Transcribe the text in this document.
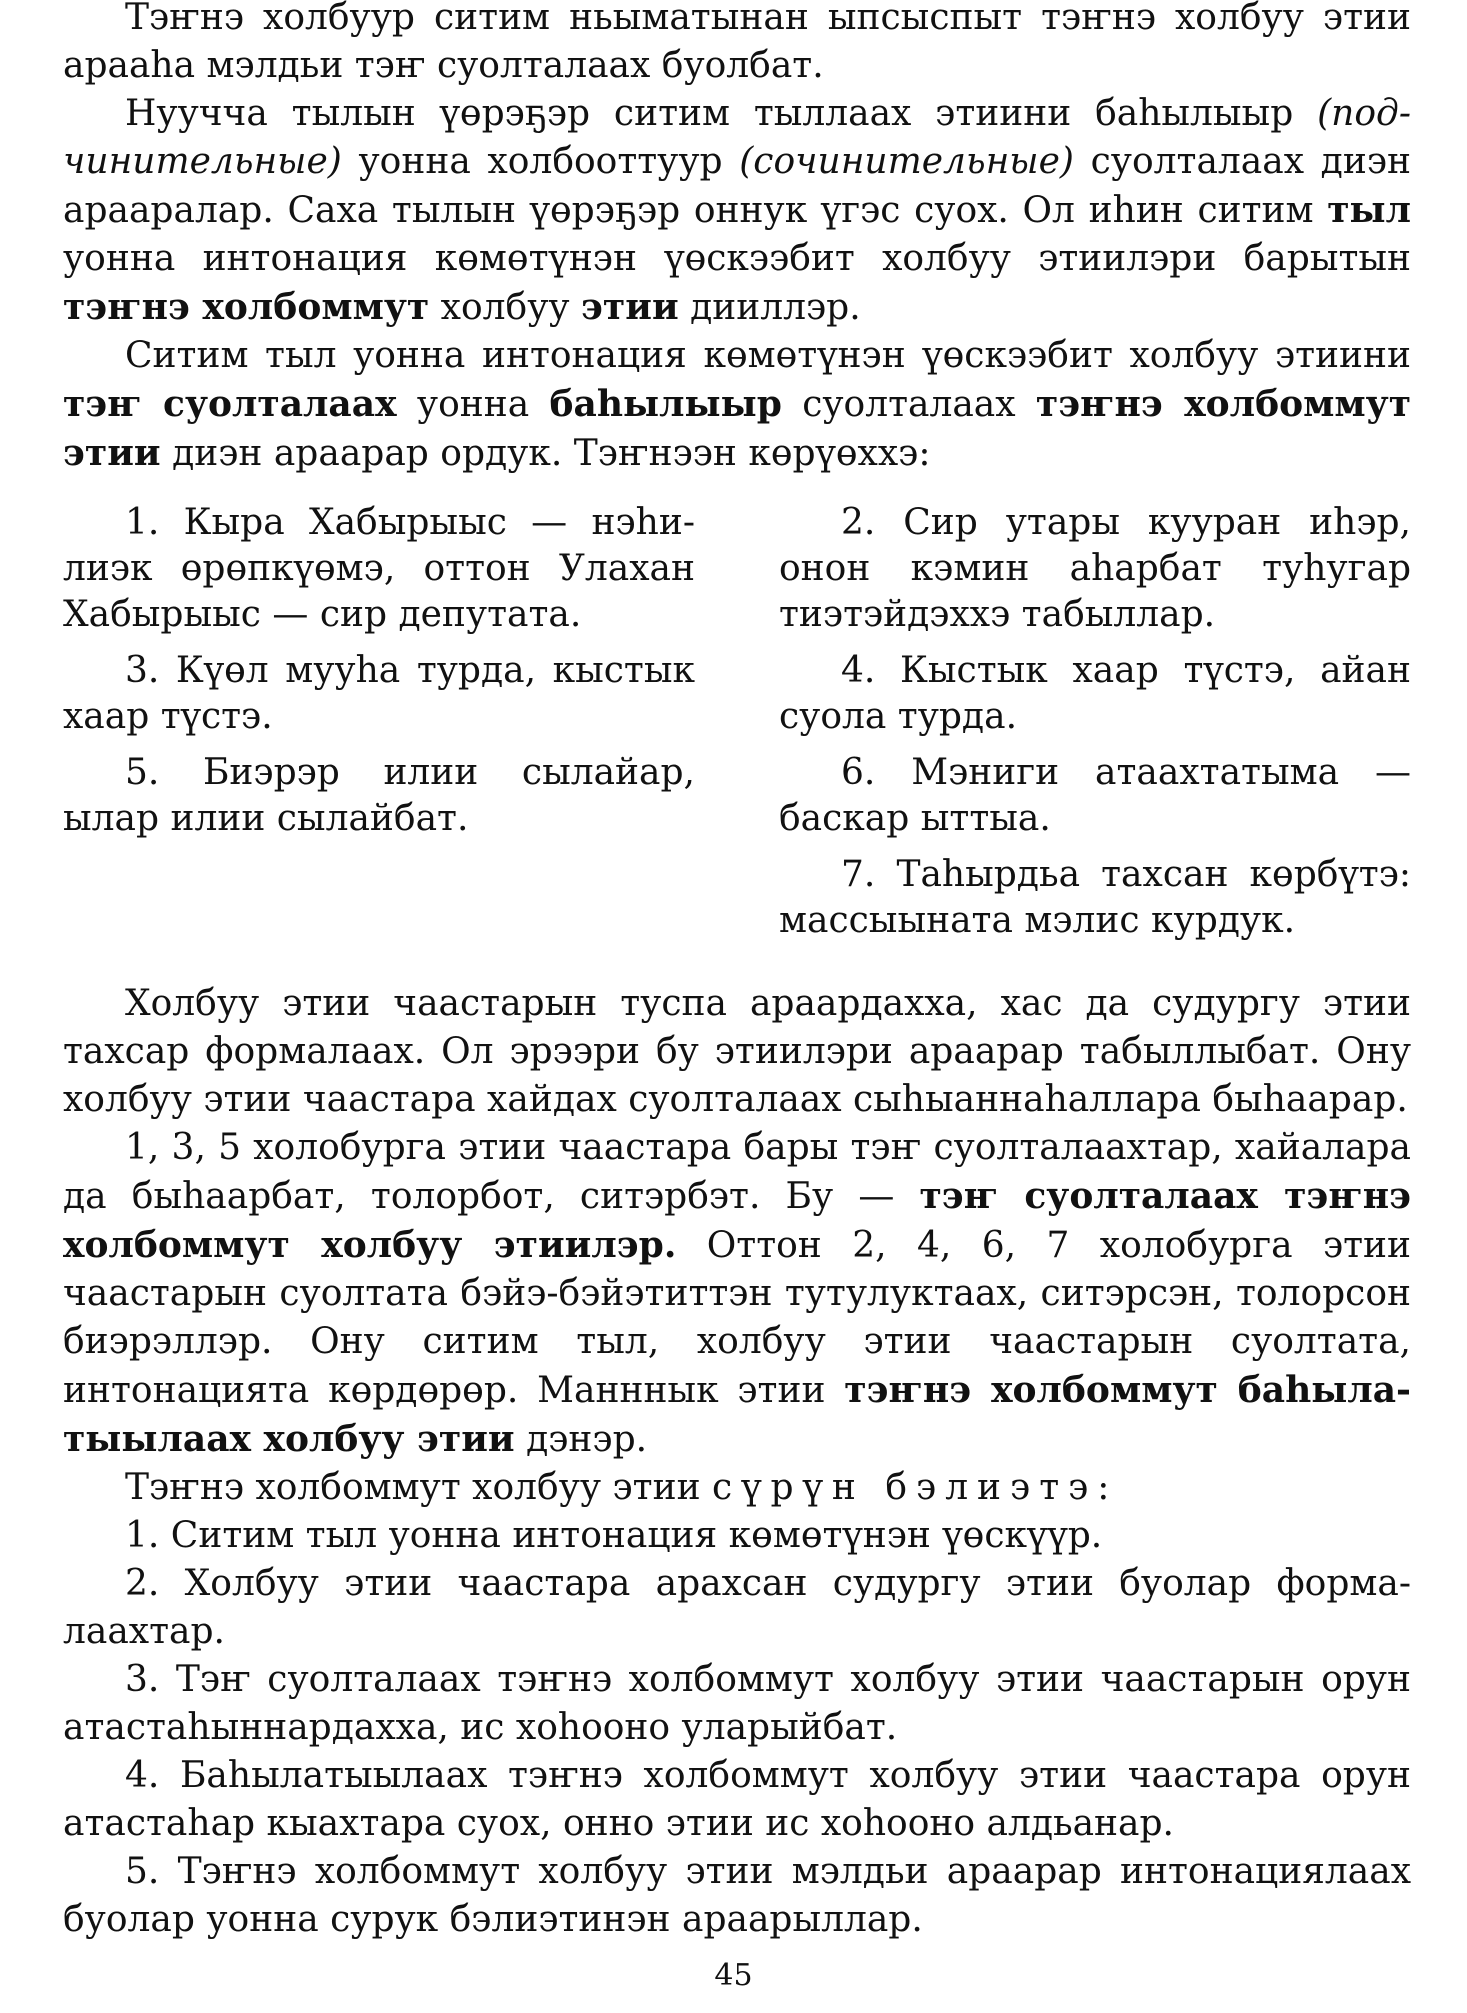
Тэҥнэ холбуур ситим ньыматынан ыпсыспыт тэҥнэ холбуу этии арааһа мэлдьи тэҥ суолталаах буолбат.

Нуучча тылын үөрэҕэр ситим тыллаах этиини баһылыыр (подчинительные) уонна холбооттуур (сочинительные) суолталаах диэн арааралар. Саха тылын үөрэҕэр оннук үгэс суох. Ол иһин ситим тыл уонна интонация көмөтүнэн үөскээбит холбуу этиилэри барытын тэҥнэ холбоммут холбуу этии дииллэр.

Ситим тыл уонна интонация көмөтүнэн үөскээбит холбуу этиини тэҥ суолталаах уонна баһылыыр суолталаах тэҥнэ холбоммут этии диэн араарар ордук. Тэҥнээн көрүөххэ:

1. Кыра Хабырыыс — нэһилиэк өрөпкүөмэ, оттон Улахан Хабырыыс — сир депутата.

3. Күөл мууһа турда, кыстык хаар түстэ.

5. Биэрэр илии сылайар, ылар илии сылайбат.

2. Сир утары кууран иһэр, онон кэмин аһарбат туһугар тиэтэйдэххэ табыллар.

4. Кыстык хаар түстэ, айан суола турда.

6. Мэниги атаахтатыма — баскар ыттыа.

7. Таһырдьа тахсан көрбүтэ: массыыната мэлис курдук.

Холбуу этии чаастарын туспа араардахха, хас да судургу этии тахсар формалаах. Ол эрээри бу этиилэри араарар табыллыбат. Ону холбуу этии чаастара хайдах суолталаах сыһыаннаһаллара быһаарар.

1, 3, 5 холобурга этии чаастара бары тэҥ суолталаахтар, хайалара да быһаарбат, толорбот, ситэрбэт. Бу — тэҥ суолталаах тэҥнэ холбоммут холбуу этиилэр. Оттон 2, 4, 6, 7 холобурга этии чаастарын суолтата бэйэ-бэйэтиттэн тутулуктаах, ситэрсэн, толорсон биэрэллэр. Ону ситим тыл, холбуу этии чаастарын суолтата, интонацията көрдөрөр. Манннык этии тэҥнэ холбоммут баһылатыылаах холбуу этии дэнэр.

Тэҥнэ холбоммут холбуу этии сүрүн бэлиэтэ:

1. Ситим тыл уонна интонация көмөтүнэн үөскүүр.

2. Холбуу этии чаастара арахсан судургу этии буолар формалаахтар.

3. Тэҥ суолталаах тэҥнэ холбоммут холбуу этии чаастарын орун атастаһыннардахха, ис хоһооно уларыйбат.

4. Баһылатыылаах тэҥнэ холбоммут холбуу этии чаастара орун атастаһар кыахтара суох, онно этии ис хоһооно алдьанар.

5. Тэҥнэ холбоммут холбуу этии мэлдьи араарар интонациялаах буолар уонна сурук бэлиэтинэн араарыллар.

45
